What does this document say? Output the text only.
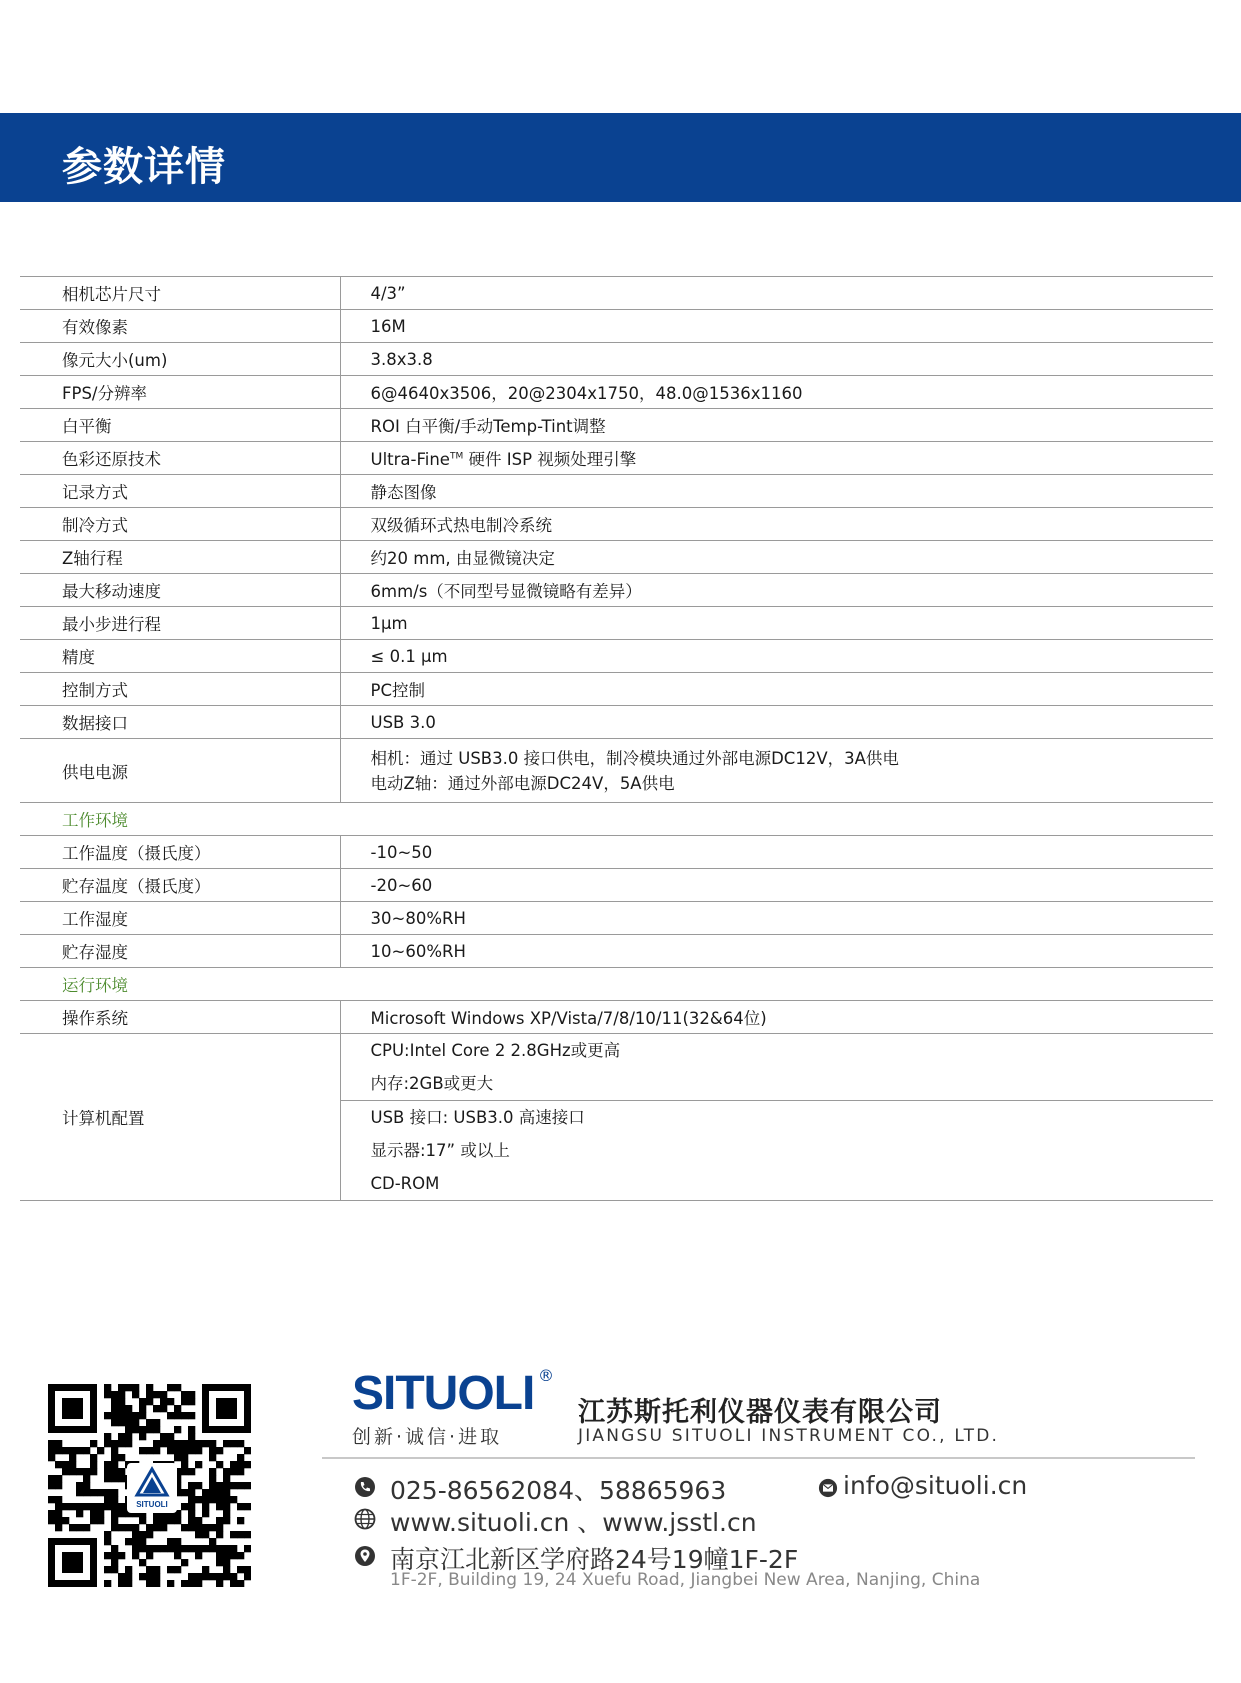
参数详情
相机芯片尺寸	4/3”
有效像素	16M
像元大小(um)	3.8x3.8
FPS/分辨率	6@4640x3506，20@2304x1750，48.0@1536x1160
白平衡	ROI 白平衡/手动Temp-Tint调整
色彩还原技术	Ultra-Fine™ 硬件 ISP 视频处理引擎
记录方式	静态图像
制冷方式	双级循环式热电制冷系统
Z轴行程	约20 mm, 由显微镜决定
最大移动速度	6mm/s（不同型号显微镜略有差异）
最小步进行程	1μm
精度	≤ 0.1 μm
控制方式	PC控制
数据接口	USB 3.0
供电电源	相机：通过 USB3.0 接口供电，制冷模块通过外部电源DC12V，3A供电
电动Z轴：通过外部电源DC24V，5A供电

工作环境	
工作温度（摄氏度）	-10~50
贮存温度（摄氏度）	-20~60
工作湿度	30~80%RH
贮存湿度	10~60%RH
运行环境	
操作系统	Microsoft Windows XP/Vista/7/8/10/11(32&64位)
计算机配置	CPU:Intel Core 2 2.8GHz或更高
内存:2GB或更大
USB 接口: USB3.0 高速接口
显示器:17” 或以上
CD-ROM
SITUOLI
SITUOLI ®
创新·诚信·进取
江苏斯托利仪器仪表有限公司
JIANGSU SITUOLI INSTRUMENT CO., LTD.
025-86562084、58865963	info@situoli.cn
www.situoli.cn 、www.jsstl.cn
南京江北新区学府路24号19幢1F-2F
1F-2F, Building 19, 24 Xuefu Road, Jiangbei New Area, Nanjing, China
